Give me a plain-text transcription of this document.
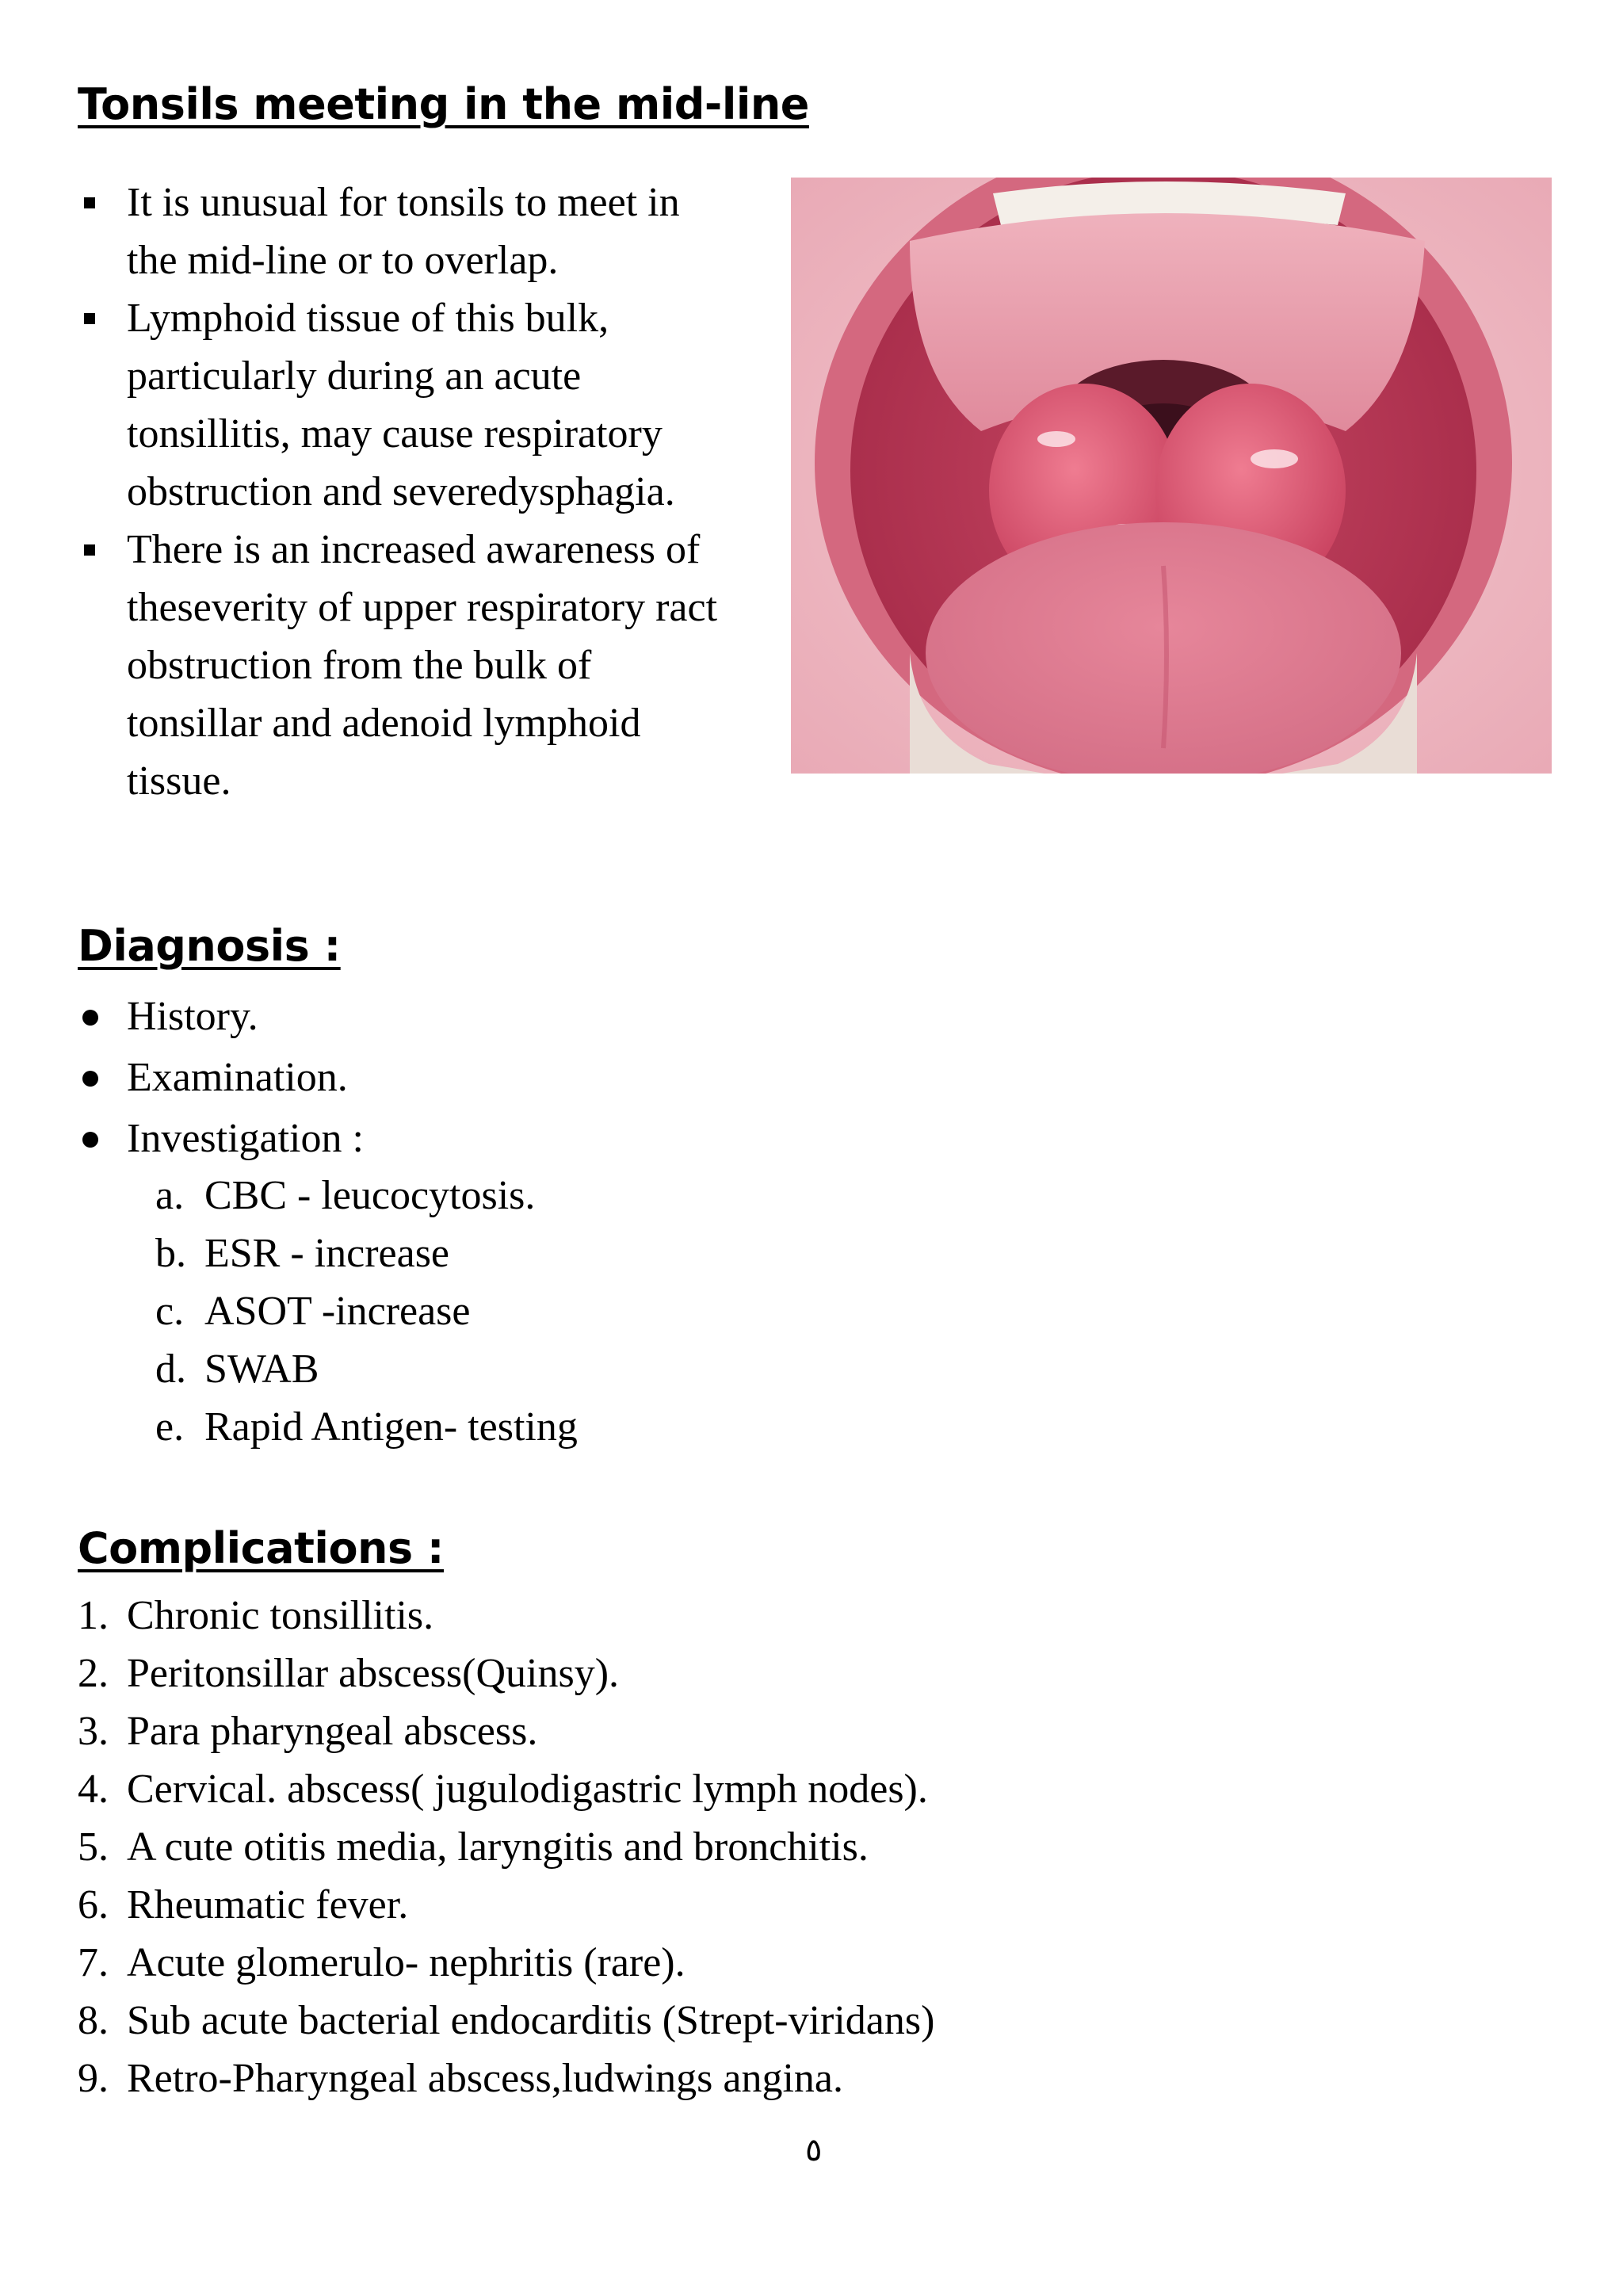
Tonsils meeting in the mid-line
It is unusual for tonsils to meet in
the mid-line or to overlap.
Lymphoid tissue of this bulk,
particularly during an acute
tonsillitis, may cause respiratory
obstruction and severedysphagia.
There is an increased awareness of
theseverity of upper respiratory ract
obstruction from the bulk of
tonsillar and adenoid lymphoid
tissue.
Diagnosis :
History.
Examination.
Investigation :
a. CBC - leucocytosis.
b. ESR - increase
c. ASOT -increase
d. SWAB
e. Rapid Antigen- testing
Complications :
1. Chronic tonsillitis.
2. Peritonsillar abscess(Quinsy).
3. Para pharyngeal abscess.
4. Cervical. abscess( jugulodigastric lymph nodes).
5. A cute otitis media, laryngitis and bronchitis.
6. Rheumatic fever.
7. Acute glomerulo- nephritis (rare).
8. Sub acute bacterial endocarditis (Strept-viridans)
9. Retro-Pharyngeal abscess,ludwings angina.
٥
